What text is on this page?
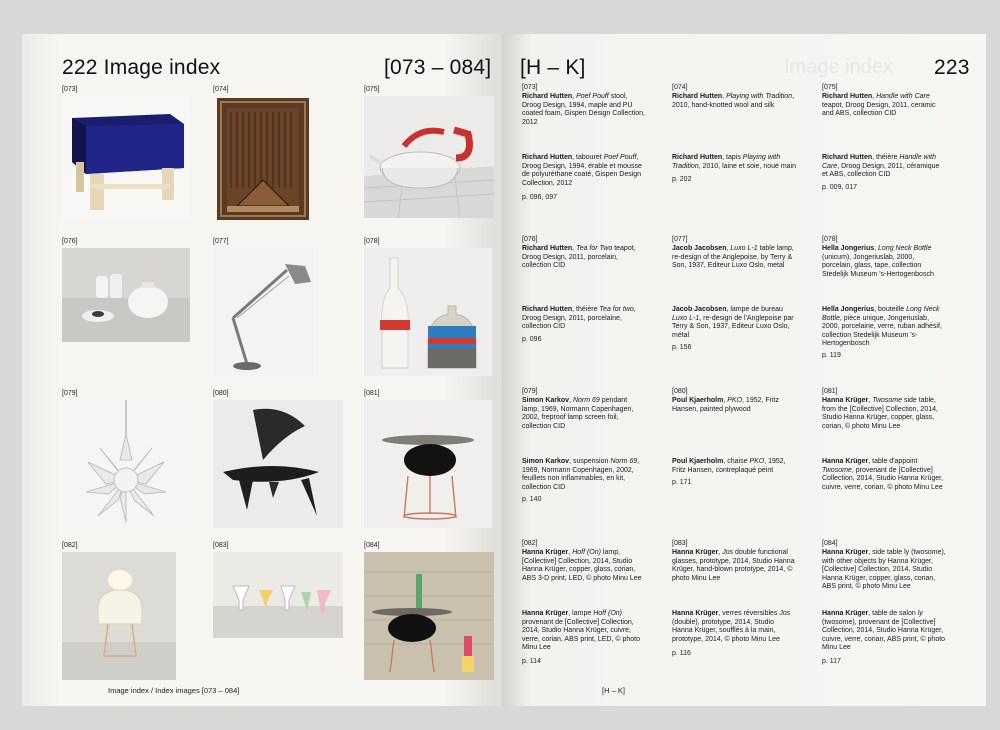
222 Image index	[073 – 084]
[073]	[074]	[075]
[076]	[077]	[078]
[079]	[080]	[081]
[082]	[083]	[084]
Image index / Index images [073 – 084]
Image index
[H – K]	223
[073]
Richard Hutten, Poef Pouff stool, Droog Design, 1994, maple and PU coated foam, Gispen Design Collection, 2012
Richard Hutten, tabouret Poef Pouff, Droog Design, 1994, érable et mousse de polyuréthane coaté, Gispen Design Collection, 2012
p. 096, 097
[074]
Richard Hutten, Playing with Tradition, 2010, hand-knotted wool and silk
Richard Hutten, tapis Playing with Tradition, 2010, laine et soie, noué main
p. 202
[075]
Richard Hutten, Handle with Care teapot, Droog Design, 2011, ceramic and ABS, collection CID
Richard Hutten, théière Handle with Care, Droog Design, 2011, céramique et ABS, collection CID
p. 009, 017
[076]
Richard Hutten, Tea for Two teapot, Droog Design, 2011, porcelain, collection CID
Richard Hutten, théière Tea for two, Droog Design, 2011, porcelaine, collection CID
p. 096
[077]
Jacob Jacobsen, Luxo L-1 table lamp, re-design of the Anglepoise, by Terry & Son, 1937, Editeur Luxo Oslo, metal
Jacob Jacobsen, lampe de bureau Luxo L-1, re-design de l'Anglepoise par Terry & Son, 1937, Editeur Luxo Oslo, métal
p. 156
[078]
Hella Jongerius, Long Neck Bottle (unicum), Jongeriuslab, 2000, porcelain, glass, tape, collection Stedelijk Museum 's-Hertogenbosch
Hella Jongerius, bouteille Long Neck Bottle, pièce unique, Jongeriuslab, 2000, porcelaine, verre, ruban adhésif, collection Stedelijk Museum 's-Hertogenbosch
p. 119
[079]
Simon Karkov, Norm 69 pendant lamp, 1969, Normann Copenhagen, 2002, freproof lamp screen foil, collection CID
Simon Karkov, suspension Norm 69, 1969, Normann Copenhagen, 2002, feuillets non inflammables, en kit, collection CID
p. 140
[080]
Poul Kjaerholm, PKO, 1952, Fritz Hansen, painted plywood
Poul Kjaerholm, chaise PKO, 1952, Fritz Hansen, contreplaqué peint
p. 171
[081]
Hanna Krüger, Twosome side table, from the [Collective] Collection, 2014, Studio Hanna Krüger, copper, glass, corian, © photo Minu Lee
Hanna Krüger, table d'appoint Twosome, provenant de [Collective] Collection, 2014, Studio Hanna Krüger, cuivre, verre, corian, © photo Minu Lee
[082]
Hanna Krüger, Hoff (On) lamp, [Collective] Collection, 2014, Studio Hanna Krüger, copper, glass, corian, ABS 3-D print, LED, © photo Minu Lee
Hanna Krüger, lampe Hoff (On) provenant de [Collective] Collection, 2014, Studio Hanna Krüger, cuivre, verre, corian, ABS print, LED, © photo Minu Lee
p. 114
[083]
Hanna Krüger, Jos double functional glasses, prototype, 2014, Studio Hanna Krüger, hand-blown prototype, 2014, © photo Minu Lee
Hanna Krüger, verres réversibles Jos (double), prototype, 2014, Studio Hanna Krüger, soufflés à la main, prototype, 2014, © photo Minu Lee
p. 116
[084]
Hanna Krüger, side table ly (twosome), with other objects by Hanna Krüger, [Collective] Collection, 2014, Studio Hanna Krüger, copper, glass, corian, ABS print, © photo Minu Lee
Hanna Krüger, table de salon ly (twosome), provenant de [Collective] Collection, 2014, Studio Hanna Krüger, cuivre, verre, corian, ABS print, © photo Minu Lee
p. 117
[H – K]
